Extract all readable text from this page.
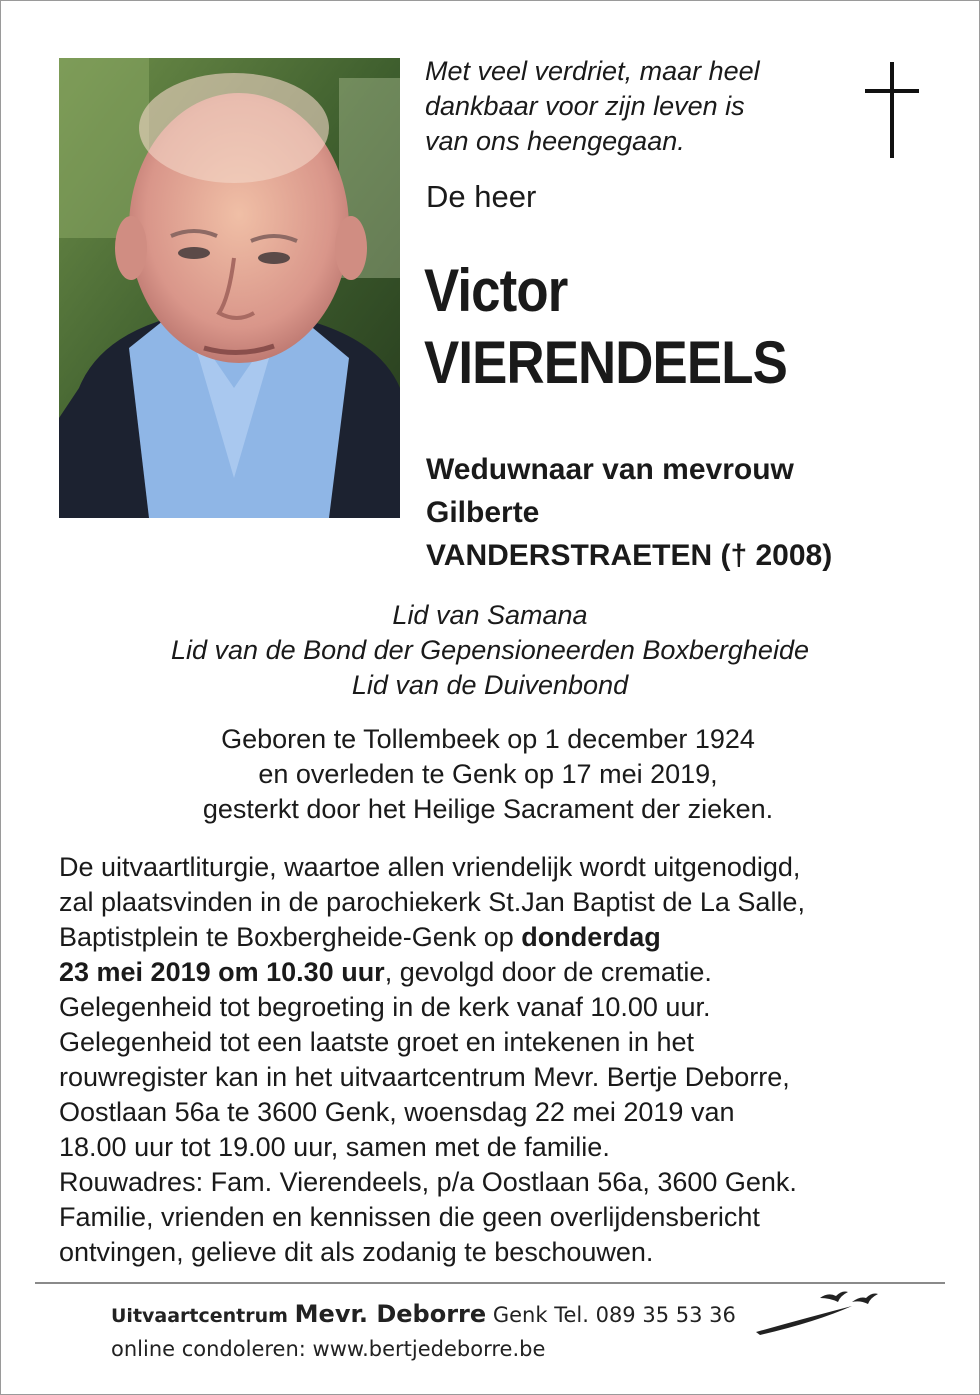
Met veel verdriet, maar heel
dankbaar voor zijn leven is
van ons heengegaan.
De heer
Victor
VIERENDEELS
Weduwnaar van mevrouw
Gilberte
VANDERSTRAETEN († 2008)
Lid van Samana
Lid van de Bond der Gepensioneerden Boxbergheide
Lid van de Duivenbond
Geboren te Tollembeek op 1 december 1924
en overleden te Genk op 17 mei 2019,
gesterkt door het Heilige Sacrament der zieken.
De uitvaartliturgie, waartoe allen vriendelijk wordt uitgenodigd,
zal plaatsvinden in de parochiekerk St.Jan Baptist de La Salle,
Baptistplein te Boxbergheide-Genk op donderdag
23 mei 2019 om 10.30 uur, gevolgd door de crematie.
Gelegenheid tot begroeting in de kerk vanaf 10.00 uur.
Gelegenheid tot een laatste groet en intekenen in het
rouwregister kan in het uitvaartcentrum Mevr. Bertje Deborre,
Oostlaan 56a te 3600 Genk, woensdag 22 mei 2019 van
18.00 uur tot 19.00 uur, samen met de familie.
Rouwadres: Fam. Vierendeels, p/a Oostlaan 56a, 3600 Genk.
Familie, vrienden en kennissen die geen overlijdensbericht
ontvingen, gelieve dit als zodanig te beschouwen.
Uitvaartcentrum Mevr. Deborre Genk Tel. 089 35 53 36
online condoleren: www.bertjedeborre.be
